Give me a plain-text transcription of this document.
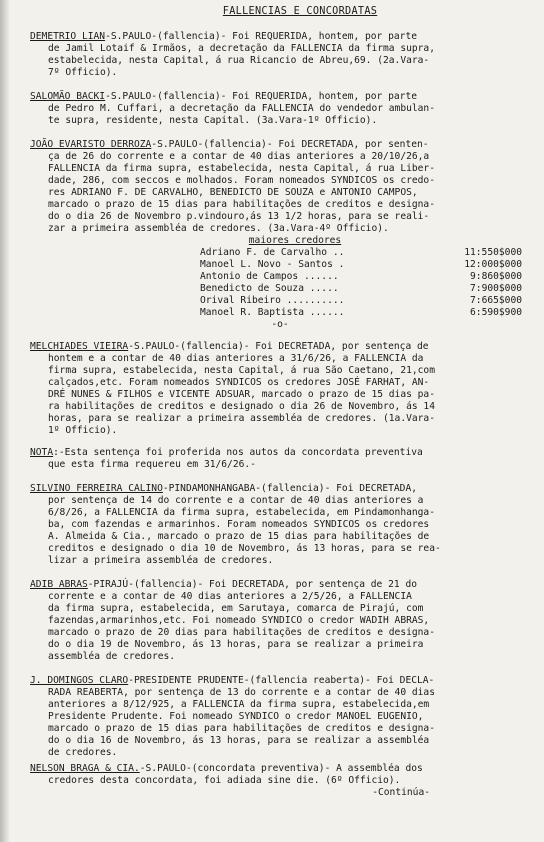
FALLENCIAS E CONCORDATAS

DEMETRIO LIAN-S.PAULO-(fallencia)- Foi REQUERIDA, hontem, por parte

de Jamil Lotaif & Irmãos, a decretação da FALLENCIA da firma supra,

estabelecida, nesta Capital, á rua Ricancio de Abreu,69. (2a.Vara-

7º Officio).

SALOMÃO BACKI-S.PAULO-(fallencia)- Foi REQUERIDA, hontem, por parte

de Pedro M. Cuffari, a decretação da FALLENCIA do vendedor ambulan-

te supra, residente, nesta Capital. (3a.Vara-1º Officio).

JOÃO EVARISTO DERROZA-S.PAULO-(fallencia)- Foi DECRETADA, por senten-

ça de 26 do corrente e a contar de 40 dias anteriores a 20/10/26,a

FALLENCIA da firma supra, estabelecida, nesta Capital, á rua Liber-

dade, 286, com seccos e molhados. Foram nomeados SYNDICOS os credo-

res ADRIANO F. DE CARVALHO, BENEDICTO DE SOUZA e ANTONIO CAMPOS,

marcado o prazo de 15 dias para habilitações de creditos e designa-

do o dia 26 de Novembro p.vindouro,ás 13 1/2 horas, para se reali-

zar a primeira assembléa de credores. (3a.Vara-4º Officio).

maiores credores

Adriano F. de Carvalho ..	11:550$000
Manoel L. Novo - Santos .	12:000$000
Antonio de Campos ......	9:860$000
Benedicto de Souza .....	7:900$000
Orival Ribeiro ..........	7:665$000
Manoel R. Baptista ......	6:590$900
-o-

MELCHIADES VIEIRA-S.PAULO-(fallencia)- Foi DECRETADA, por sentença de

hontem e a contar de 40 dias anteriores a 31/6/26, a FALLENCIA da

firma supra, estabelecida, nesta Capital, á rua São Caetano, 21,com

calçados,etc. Foram nomeados SYNDICOS os credores JOSÉ FARHAT, AN-

DRÉ NUNES & FILHOS e VICENTE ADSUAR, marcado o prazo de 15 dias pa-

ra habilitações de creditos e designado o dia 26 de Novembro, ás 14

horas, para se realizar a primeira assembléa de credores. (1a.Vara-

1º Officio).

NOTA:-Esta sentença foi proferida nos autos da concordata preventiva

que esta firma requereu em 31/6/26.-

SILVINO FERREIRA CALINO-PINDAMONHANGABA-(fallencia)- Foi DECRETADA,

por sentença de 14 do corrente e a contar de 40 dias anteriores a

6/8/26, a FALLENCIA da firma supra, estabelecida, em Pindamonhanga-

ba, com fazendas e armarinhos. Foram nomeados SYNDICOS os credores

A. Almeida & Cia., marcado o prazo de 15 dias para habilitações de

creditos e designado o dia 10 de Novembro, ás 13 horas, para se rea-

lizar a primeira assembléa de credores.

ADIB ABRAS-PIRAJÚ-(fallencia)- Foi DECRETADA, por sentença de 21 do

corrente e a contar de 40 dias anteriores a 2/5/26, a FALLENCIA

da firma supra, estabelecida, em Sarutaya, comarca de Pirajú, com

fazendas,armarinhos,etc. Foi nomeado SYNDICO o credor WADIH ABRAS,

marcado o prazo de 20 dias para habilitações de creditos e designa-

do o dia 19 de Novembro, ás 13 horas, para se realizar a primeira

assembléa de credores.

J. DOMINGOS CLARO-PRESIDENTE PRUDENTE-(fallencia reaberta)- Foi DECLA-

RADA REABERTA, por sentença de 13 do corrente e a contar de 40 dias

anteriores a 8/12/925, a FALLENCIA da firma supra, estabelecida,em

Presidente Prudente. Foi nomeado SYNDICO o credor MANOEL EUGENIO,

marcado o prazo de 15 dias para habilitações de creditos e designa-

do o dia 16 de Novembro, ás 13 horas, para se realizar a assembléa

de credores.

NELSON BRAGA & CIA.-S.PAULO-(concordata preventiva)- A assembléa dos

credores desta concordata, foi adiada sine die. (6º Officio).

-Continúa-
